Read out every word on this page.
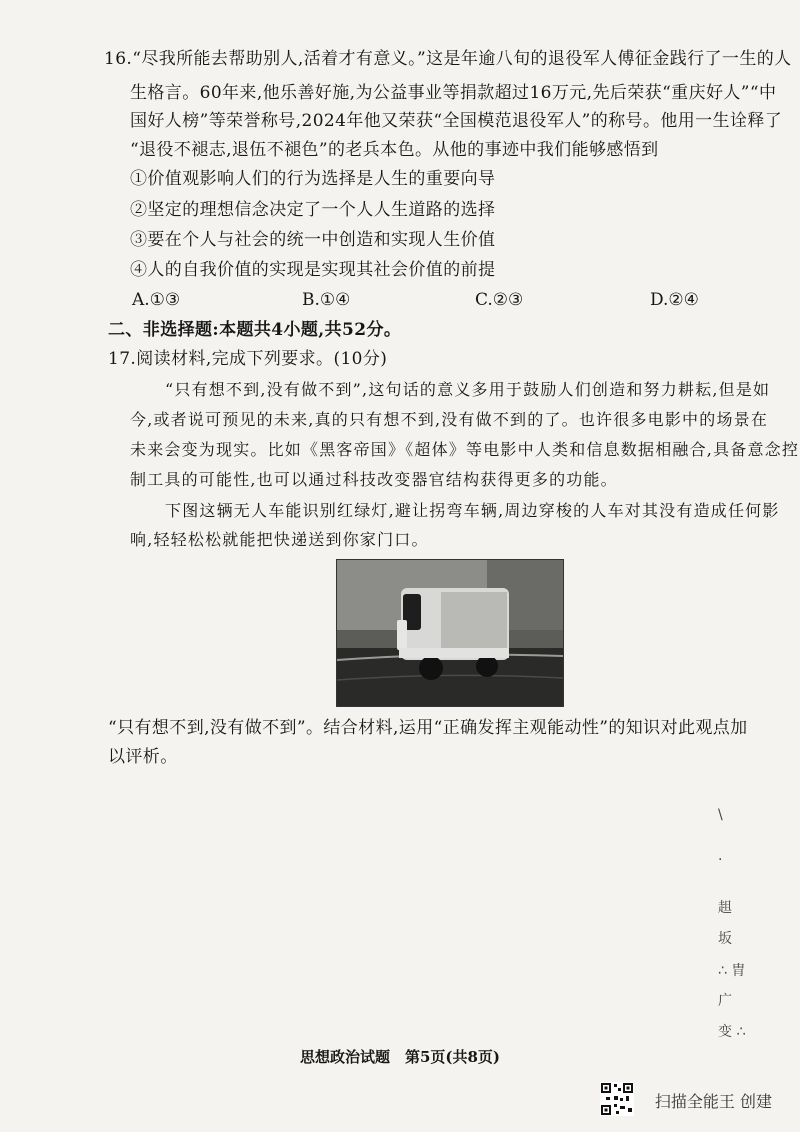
16.“尽我所能去帮助别人,活着才有意义。”这是年逾八旬的退役军人傅征金践行了一生的人
生格言。60年来,他乐善好施,为公益事业等捐款超过16万元,先后荣获“重庆好人”“中
国好人榜”等荣誉称号,2024年他又荣获“全国模范退役军人”的称号。他用一生诠释了
“退役不褪志,退伍不褪色”的老兵本色。从他的事迹中我们能够感悟到
①价值观影响人们的行为选择是人生的重要向导
②坚定的理想信念决定了一个人人生道路的选择
③要在个人与社会的统一中创造和实现人生价值
④人的自我价值的实现是实现其社会价值的前提
A.①③	B.①④	C.②③	D.②④
二、非选择题:本题共4小题,共52分。
17.阅读材料,完成下列要求。(10分)
“只有想不到,没有做不到”,这句话的意义多用于鼓励人们创造和努力耕耘,但是如
今,或者说可预见的未来,真的只有想不到,没有做不到的了。也许很多电影中的场景在
未来会变为现实。比如《黑客帝国》《超体》等电影中人类和信息数据相融合,具备意念控
制工具的可能性,也可以通过科技改变器官结构获得更多的功能。
下图这辆无人车能识别红绿灯,避让拐弯车辆,周边穿梭的人车对其没有造成任何影
响,轻轻松松就能把快递送到你家门口。
“只有想不到,没有做不到”。结合材料,运用“正确发挥主观能动性”的知识对此观点加
以评析。
\
·
趄
坂
∴ 胄
广
变 ∴
思想政治试题　第5页(共8页)
扫描全能王 创建
